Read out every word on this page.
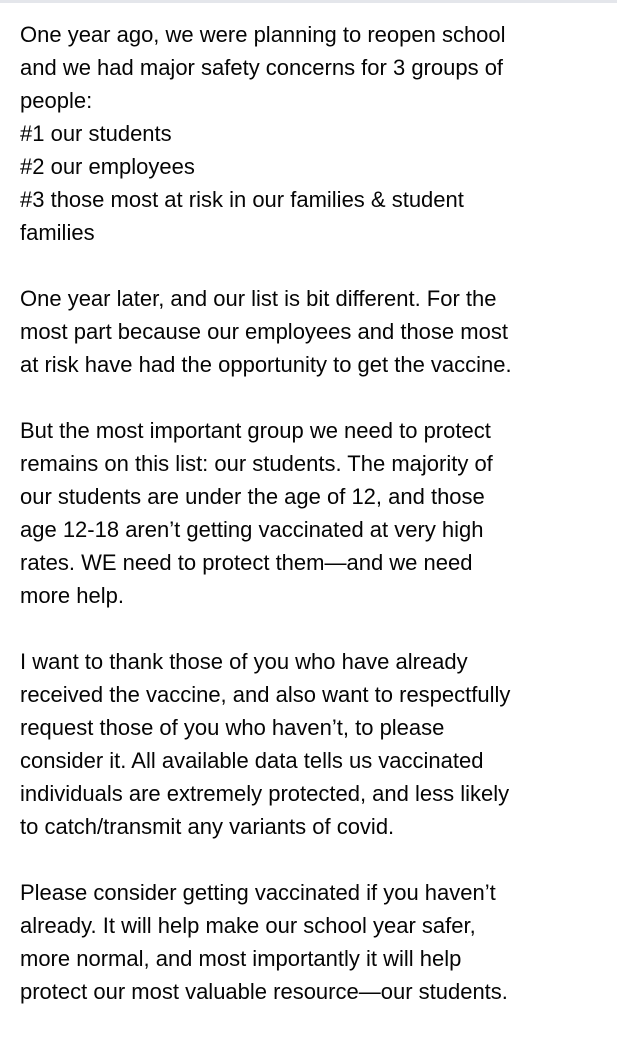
One year ago, we were planning to reopen school
and we had major safety concerns for 3 groups of
people:
#1 our students
#2 our employees
#3 those most at risk in our families & student
families
One year later, and our list is bit different. For the
most part because our employees and those most
at risk have had the opportunity to get the vaccine.
But the most important group we need to protect
remains on this list: our students. The majority of
our students are under the age of 12, and those
age 12-18 aren’t getting vaccinated at very high
rates. WE need to protect them—and we need
more help.
I want to thank those of you who have already
received the vaccine, and also want to respectfully
request those of you who haven’t, to please
consider it. All available data tells us vaccinated
individuals are extremely protected, and less likely
to catch/transmit any variants of covid.
Please consider getting vaccinated if you haven’t
already. It will help make our school year safer,
more normal, and most importantly it will help
protect our most valuable resource—our students.
